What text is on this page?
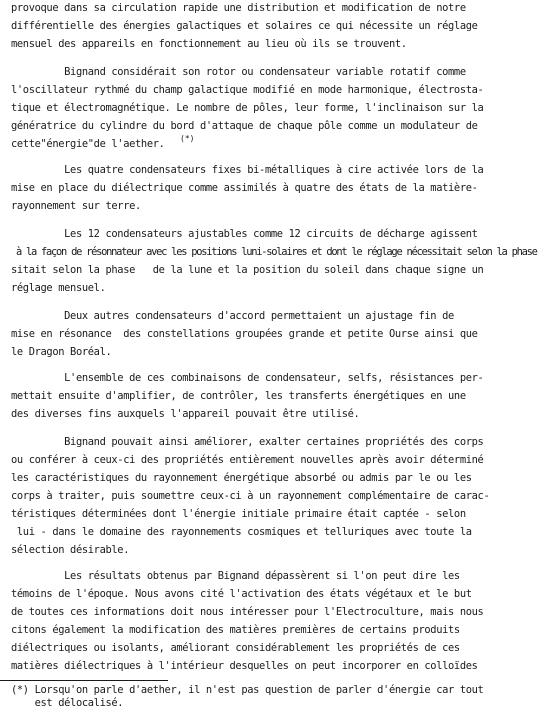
provoque dans sa circulation rapide une distribution et modification de notre
différentielle des énergies galactiques et solaires ce qui nécessite un réglage
mensuel des appareils en fonctionnement au lieu où ils se trouvent.
Bignand considérait son rotor ou condensateur variable rotatif comme
l'oscillateur rythmé du champ galactique modifié en mode harmonique, électrosta-
tique et électromagnétique. Le nombre de pôles, leur forme, l'inclinaison sur la
génératrice du cylindre du bord d'attaque de chaque pôle comme un modulateur de
cette"énergie"de l'aether. (*)
Les quatre condensateurs fixes bi-métalliques à cire activée lors de la
mise en place du diélectrique comme assimilés à quatre des états de la matière-
rayonnement sur terre.
Les 12 condensateurs ajustables comme 12 circuits de décharge agissent
à la façon de résonnateur avec les positions luni-solaires et dont le réglage nécessitait selon la phase
sitait selon la phase   de la lune et la position du soleil dans chaque signe un
réglage mensuel.
Deux autres condensateurs d'accord permettaient un ajustage fin de
mise en résonance  des constellations groupées grande et petite Ourse ainsi que
le Dragon Boréal.
L'ensemble de ces combinaisons de condensateur, selfs, résistances per-
mettait ensuite d'amplifier, de contrôler, les transferts énergétiques en une
des diverses fins auxquels l'appareil pouvait être utilisé.
Bignand pouvait ainsi améliorer, exalter certaines propriétés des corps
ou conférer à ceux-ci des propriétés entièrement nouvelles après avoir déterminé
les caractéristiques du rayonnement énergétique absorbé ou admis par le ou les
corps à traiter, puis soumettre ceux-ci à un rayonnement complémentaire de carac-
téristiques déterminées dont l'énergie initiale primaire était captée - selon
lui - dans le domaine des rayonnements cosmiques et telluriques avec toute la
sélection désirable.
Les résultats obtenus par Bignand dépassèrent si l'on peut dire les
témoins de l'époque. Nous avons cité l'activation des états végétaux et le but
de toutes ces informations doit nous intéresser pour l'Electroculture, mais nous
citons également la modification des matières premières de certains produits
diélectriques ou isolants, améliorant considérablement les propriétés de ces
matières diélectriques à l'intérieur desquelles on peut incorporer en colloïdes
(*) Lorsqu'on parle d'aether, il n'est pas question de parler d'énergie car tout
est délocalisé.
